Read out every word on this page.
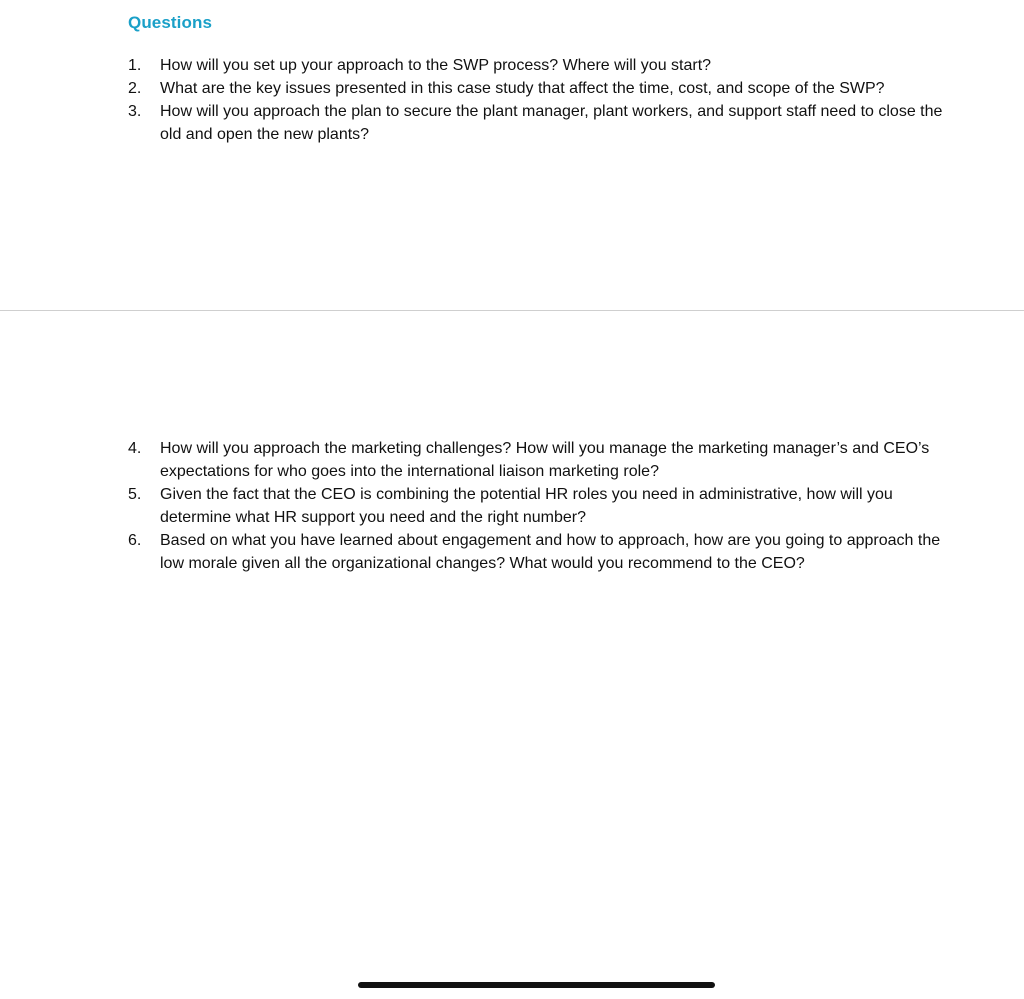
Questions
1. How will you set up your approach to the SWP process? Where will you start?
2. What are the key issues presented in this case study that affect the time, cost, and scope of the SWP?
3. How will you approach the plan to secure the plant manager, plant workers, and support staff need to close the old and open the new plants?
4. How will you approach the marketing challenges? How will you manage the marketing manager’s and CEO’s expectations for who goes into the international liaison marketing role?
5. Given the fact that the CEO is combining the potential HR roles you need in administrative, how will you determine what HR support you need and the right number?
6. Based on what you have learned about engagement and how to approach, how are you going to approach the low morale given all the organizational changes? What would you recommend to the CEO?
